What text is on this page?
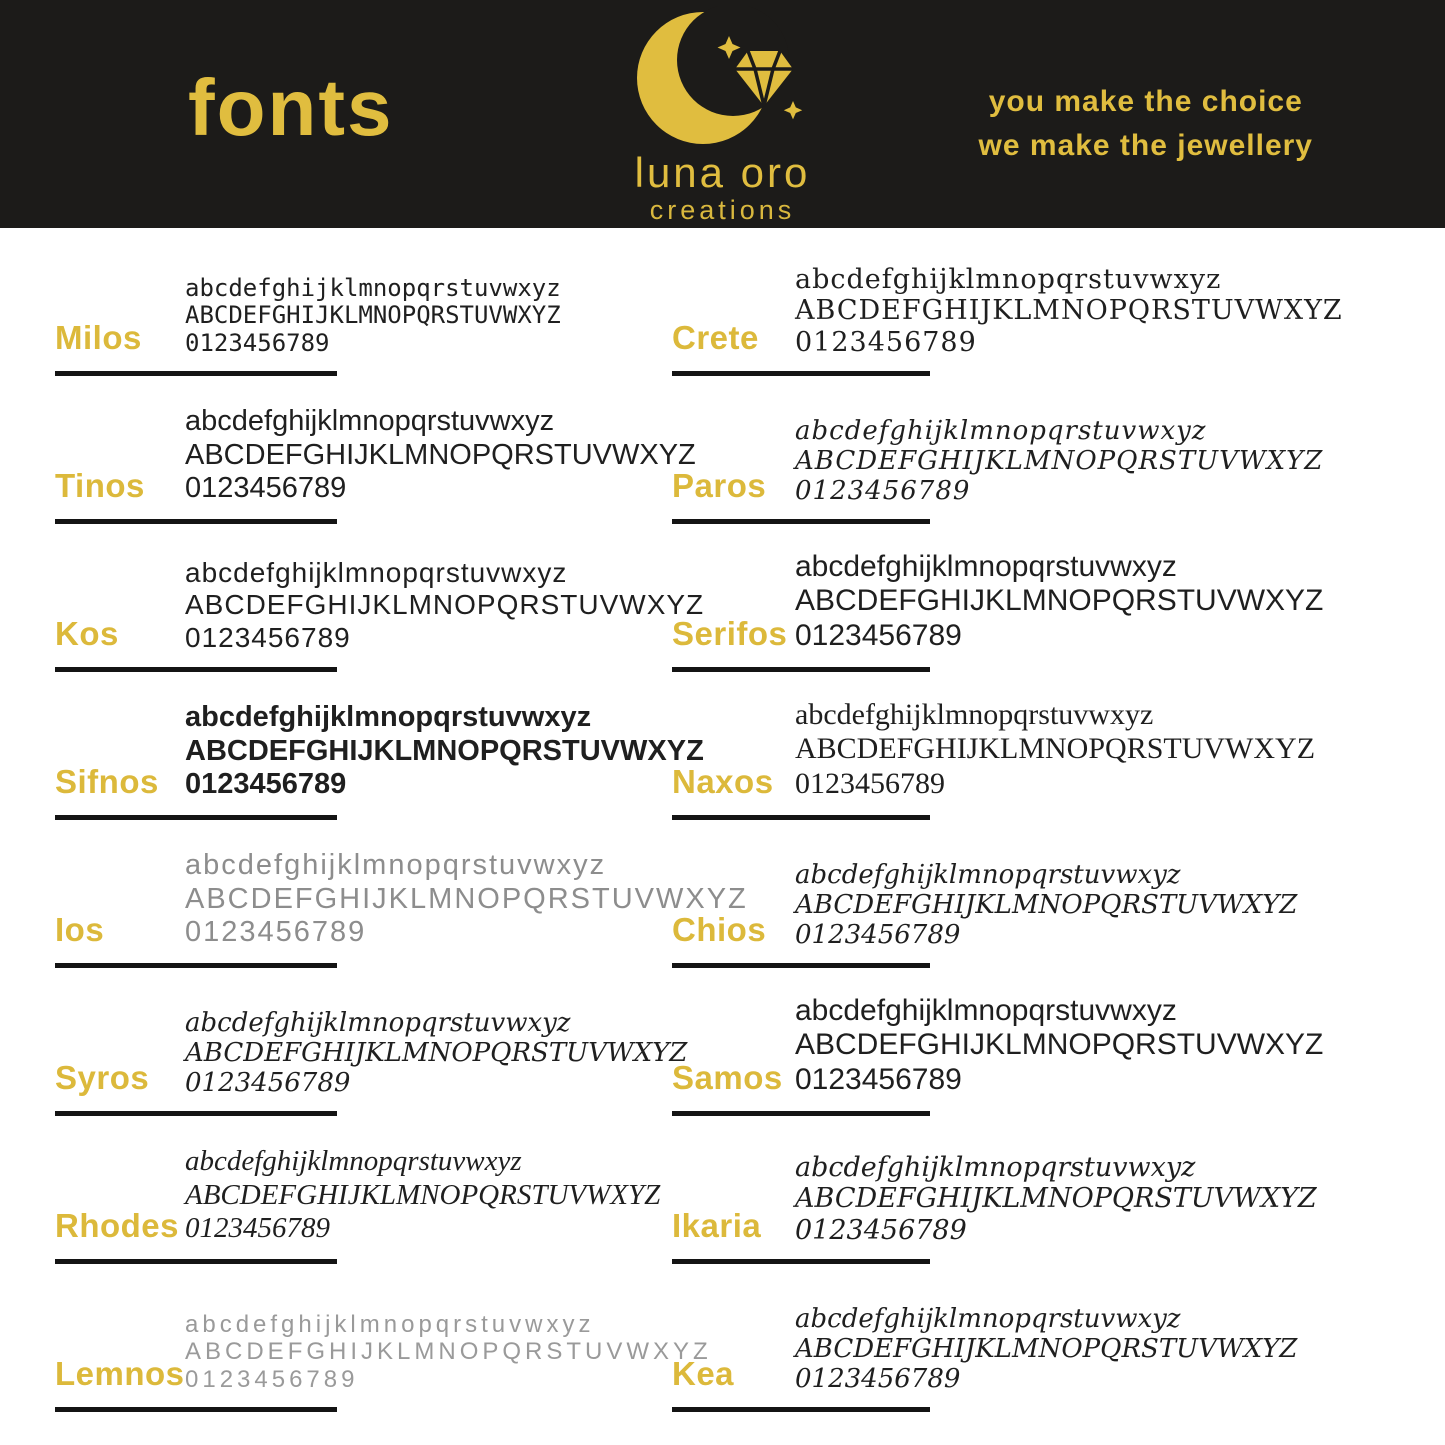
fonts
luna oro
creations
you make the choice
we make the jewellery
Milos
abcdefghijklmnopqrstuvwxyz
ABCDEFGHIJKLMNOPQRSTUVWXYZ
0123456789	Crete
abcdefghijklmnopqrstuvwxyz
ABCDEFGHIJKLMNOPQRSTUVWXYZ
0123456789
Tinos
abcdefghijklmnopqrstuvwxyz
ABCDEFGHIJKLMNOPQRSTUVWXYZ
0123456789	Paros
abcdefghijklmnopqrstuvwxyz
ABCDEFGHIJKLMNOPQRSTUVWXYZ
0123456789
Kos
abcdefghijklmnopqrstuvwxyz
ABCDEFGHIJKLMNOPQRSTUVWXYZ
0123456789	Serifos
abcdefghijklmnopqrstuvwxyz
ABCDEFGHIJKLMNOPQRSTUVWXYZ
0123456789
Sifnos
abcdefghijklmnopqrstuvwxyz
ABCDEFGHIJKLMNOPQRSTUVWXYZ
0123456789	Naxos
abcdefghijklmnopqrstuvwxyz
ABCDEFGHIJKLMNOPQRSTUVWXYZ
0123456789
Ios
abcdefghijklmnopqrstuvwxyz
ABCDEFGHIJKLMNOPQRSTUVWXYZ
0123456789	Chios
abcdefghijklmnopqrstuvwxyz
ABCDEFGHIJKLMNOPQRSTUVWXYZ
0123456789
Syros
abcdefghijklmnopqrstuvwxyz
ABCDEFGHIJKLMNOPQRSTUVWXYZ
0123456789	Samos
abcdefghijklmnopqrstuvwxyz
ABCDEFGHIJKLMNOPQRSTUVWXYZ
0123456789
Rhodes
abcdefghijklmnopqrstuvwxyz
ABCDEFGHIJKLMNOPQRSTUVWXYZ
0123456789	Ikaria
abcdefghijklmnopqrstuvwxyz
ABCDEFGHIJKLMNOPQRSTUVWXYZ
0123456789
Lemnos
abcdefghijklmnopqrstuvwxyz
ABCDEFGHIJKLMNOPQRSTUVWXYZ
0123456789	Kea
abcdefghijklmnopqrstuvwxyz
ABCDEFGHIJKLMNOPQRSTUVWXYZ
0123456789
